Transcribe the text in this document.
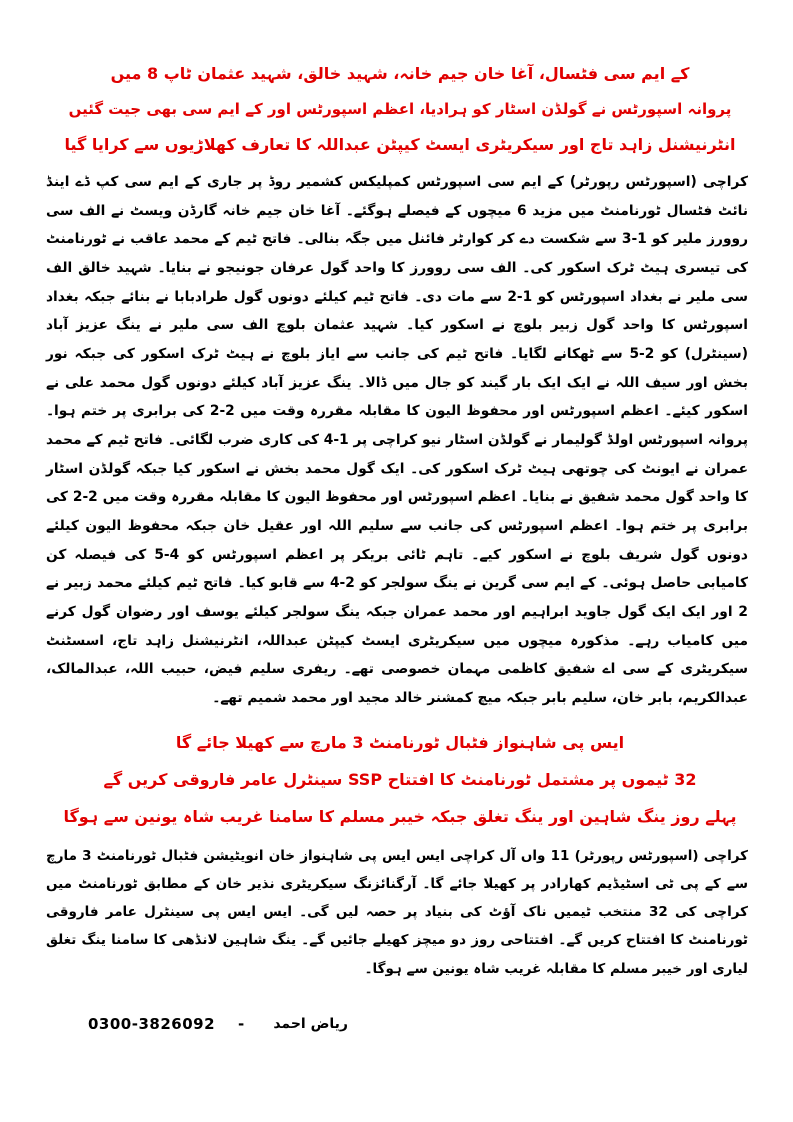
کے ایم سی فٹسال، آغا خان جیم خانہ، شہید خالق، شہید عثمان ٹاپ 8 میں
پروانہ اسپورٹس نے گولڈن اسٹار کو ہرادیا، اعظم اسپورٹس اور کے ایم سی بھی جیت گئیں
انٹرنیشنل زاہد تاج اور سیکریٹری ایسٹ کیپٹن عبداللہ کا تعارف کھلاڑیوں سے کرایا گیا

کراچی (اسپورٹس رپورٹر) کے ایم سی اسپورٹس کمپلیکس کشمیر روڈ پر جاری کے ایم سی کپ ڈے اینڈ نائٹ فٹسال ٹورنامنٹ میں مزید 6 میچوں کے فیصلے ہوگئے۔ آغا خان جیم خانہ گارڈن ویسٹ نے الف سی روورز ملیر کو 1-3 سے شکست دے کر کوارٹر فائنل میں جگہ بنالی۔ فاتح ٹیم کے محمد عاقب نے ٹورنامنٹ کی تیسری ہیٹ ٹرک اسکور کی۔ الف سی روورز کا واحد گول عرفان جونیجو نے بنایا۔ شہید خالق الف سی ملیر نے بغداد اسپورٹس کو 1-2 سے مات دی۔ فاتح ٹیم کیلئے دونوں گول طرادبابا نے بنائے جبکہ بغداد اسپورٹس کا واحد گول زبیر بلوچ نے اسکور کیا۔ شہید عثمان بلوچ الف سی ملیر نے ینگ عزیز آباد (سینٹرل) کو 2-5 سے ٹھکانے لگایا۔ فاتح ٹیم کی جانب سے ایاز بلوچ نے ہیٹ ٹرک اسکور کی جبکہ نور بخش اور سیف اللہ نے ایک ایک بار گیند کو جال میں ڈالا۔ ینگ عزیز آباد کیلئے دونوں گول محمد علی نے اسکور کیئے۔ اعظم اسپورٹس اور محفوظ الیون کا مقابلہ مقررہ وقت میں 2-2 کی برابری پر ختم ہوا۔ پروانہ اسپورٹس اولڈ گولیمار نے گولڈن اسٹار نیو کراچی پر 1-4 کی کاری ضرب لگائی۔ فاتح ٹیم کے محمد عمران نے ایونٹ کی چوتھی ہیٹ ٹرک اسکور کی۔ ایک گول محمد بخش نے اسکور کیا جبکہ گولڈن اسٹار کا واحد گول محمد شفیق نے بنایا۔ اعظم اسپورٹس اور محفوظ الیون کا مقابلہ مقررہ وقت میں 2-2 کی برابری پر ختم ہوا۔ اعظم اسپورٹس کی جانب سے سلیم اللہ اور عقیل خان جبکہ محفوظ الیون کیلئے دونوں گول شریف بلوچ نے اسکور کیے۔ تاہم ٹائی بریکر پر اعظم اسپورٹس کو 4-5 کی فیصلہ کن کامیابی حاصل ہوئی۔ کے ایم سی گرین نے ینگ سولجر کو 2-4 سے قابو کیا۔ فاتح ٹیم کیلئے محمد زبیر نے 2 اور ایک ایک گول جاوید ابراہیم اور محمد عمران جبکہ ینگ سولجر کیلئے یوسف اور رضوان گول کرنے میں کامیاب رہے۔ مذکورہ میچوں میں سیکریٹری ایسٹ کیپٹن عبداللہ، انٹرنیشنل زاہد تاج، اسسٹنٹ سیکریٹری کے سی اے شفیق کاظمی مہمان خصوصی تھے۔ ریفری سلیم فیض، حبیب اللہ، عبدالمالک، عبدالکریم، بابر خان، سلیم بابر جبکہ میچ کمشنر خالد مجید اور محمد شمیم تھے۔

ایس پی شاہنواز فٹبال ٹورنامنٹ 3 مارچ سے کھیلا جائے گا
32 ٹیموں پر مشتمل ٹورنامنٹ کا افتتاح SSP سینٹرل عامر فاروقی کریں گے
پہلے روز ینگ شاہین اور ینگ تغلق جبکہ خیبر مسلم کا سامنا غریب شاہ یونین سے ہوگا

کراچی (اسپورٹس رپورٹر) 11 واں آل کراچی ایس ایس پی شاہنواز خان انویٹیشن فٹبال ٹورنامنٹ 3 مارچ سے کے پی ٹی اسٹیڈیم کھارادر پر کھیلا جائے گا۔ آرگنائزنگ سیکریٹری نذیر خان کے مطابق ٹورنامنٹ میں کراچی کی 32 منتخب ٹیمیں ناک آؤٹ کی بنیاد پر حصہ لیں گی۔ ایس ایس پی سینٹرل عامر فاروقی ٹورنامنٹ کا افتتاح کریں گے۔ افتتاحی روز دو میچز کھیلے جائیں گے۔ ینگ شاہین لانڈھی کا سامنا ینگ تغلق لیاری اور خیبر مسلم کا مقابلہ غریب شاہ یونین سے ہوگا۔

0300-3826092 - ریاض احمد
